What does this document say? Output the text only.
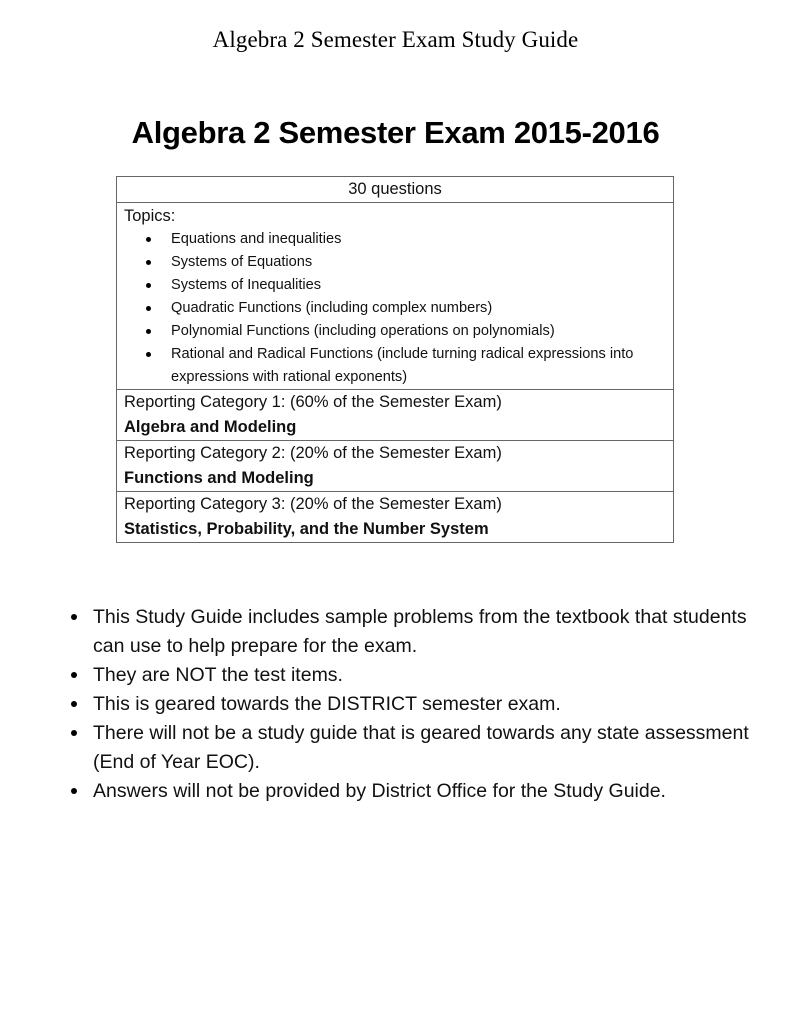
Algebra 2 Semester Exam Study Guide
Algebra 2 Semester Exam 2015-2016
30 questions

Topics:
Equations and inequalities
Systems of Equations
Systems of Inequalities
Quadratic Functions (including complex numbers)
Polynomial Functions (including operations on polynomials)
Rational and Radical Functions (include turning radical expressions into expressions with rational exponents)

Reporting Category 1: (60% of the Semester Exam)
Algebra and Modeling

Reporting Category 2: (20% of the Semester Exam)
Functions and Modeling

Reporting Category 3: (20% of the Semester Exam)
Statistics, Probability, and the Number System
This Study Guide includes sample problems from the textbook that students can use to help prepare for the exam.
They are NOT the test items.
This is geared towards the DISTRICT semester exam.
There will not be a study guide that is geared towards any state assessment (End of Year EOC).
Answers will not be provided by District Office for the Study Guide.
